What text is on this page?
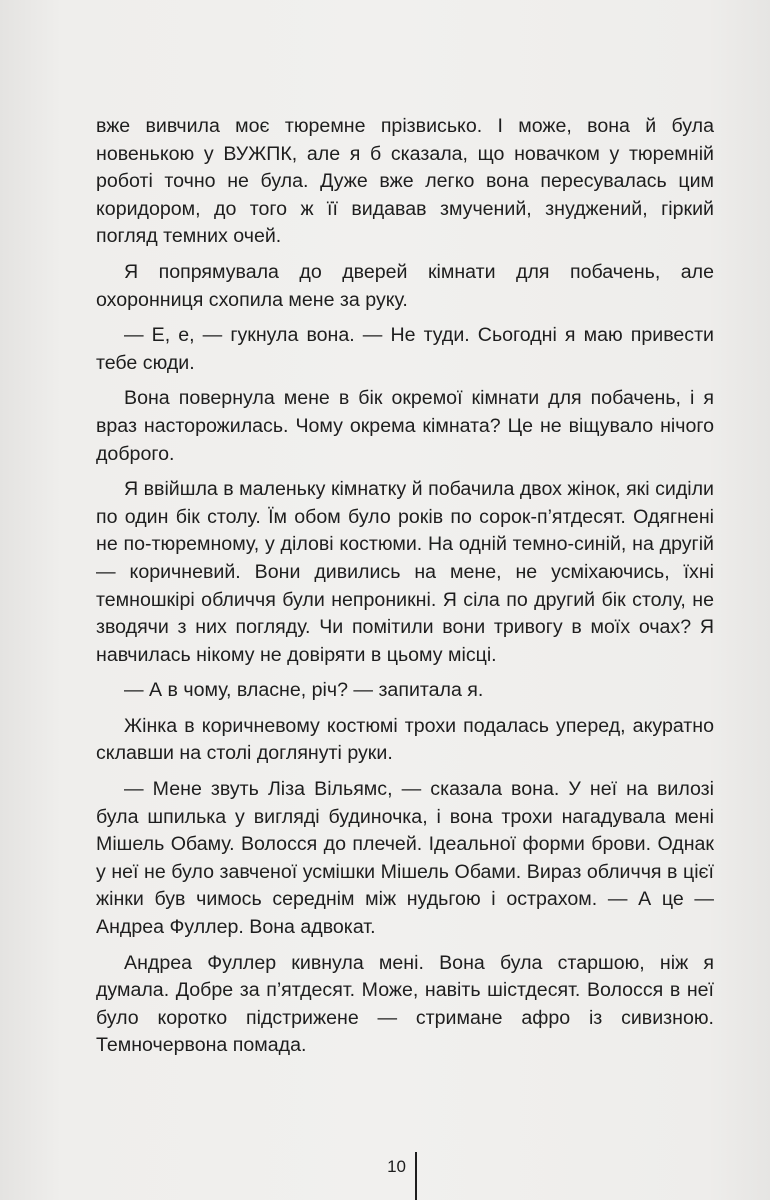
вже вивчила моє тюремне прізвисько. І може, вона й була новенькою у ВУЖПК, але я б сказала, що новачком у тюремній роботі точно не була. Дуже вже легко вона пересувалась цим коридором, до того ж її видавав змучений, знуджений, гіркий погляд темних очей.

Я попрямувала до дверей кімнати для побачень, але охоронниця схопила мене за руку.

— Е, е, — гукнула вона. — Не туди. Сьогодні я маю привести тебе сюди.

Вона повернула мене в бік окремої кімнати для побачень, і я враз насторожилась. Чому окрема кімната? Це не віщувало нічого доброго.

Я ввійшла в маленьку кімнатку й побачила двох жінок, які сиділи по один бік столу. Їм обом було років по сорок-п’ятдесят. Одягнені не по-тюремному, у ділові костюми. На одній темно-синій, на другій — коричневий. Вони дивились на мене, не усміхаючись, їхні темношкірі обличчя були непроникні. Я сіла по другий бік столу, не зводячи з них погляду. Чи помітили вони тривогу в моїх очах? Я навчилась нікому не довіряти в цьому місці.

— А в чому, власне, річ? — запитала я.

Жінка в коричневому костюмі трохи подалась уперед, акуратно склавши на столі доглянуті руки.

— Мене звуть Ліза Вільямс, — сказала вона. У неї на вилозі була шпилька у вигляді будиночка, і вона трохи нагадувала мені Мішель Обаму. Волосся до плечей. Ідеальної форми брови. Однак у неї не було завченої усмішки Мішель Обами. Вираз обличчя в цієї жінки був чимось середнім між нудьгою і острахом. — А це — Андреа Фуллер. Вона адвокат.

Андреа Фуллер кивнула мені. Вона була старшою, ніж я думала. Добре за п’ятдесят. Може, навіть шістдесят. Волосся в неї було коротко підстрижене — стримане афро із сивизною. Темночервона помада.

10
